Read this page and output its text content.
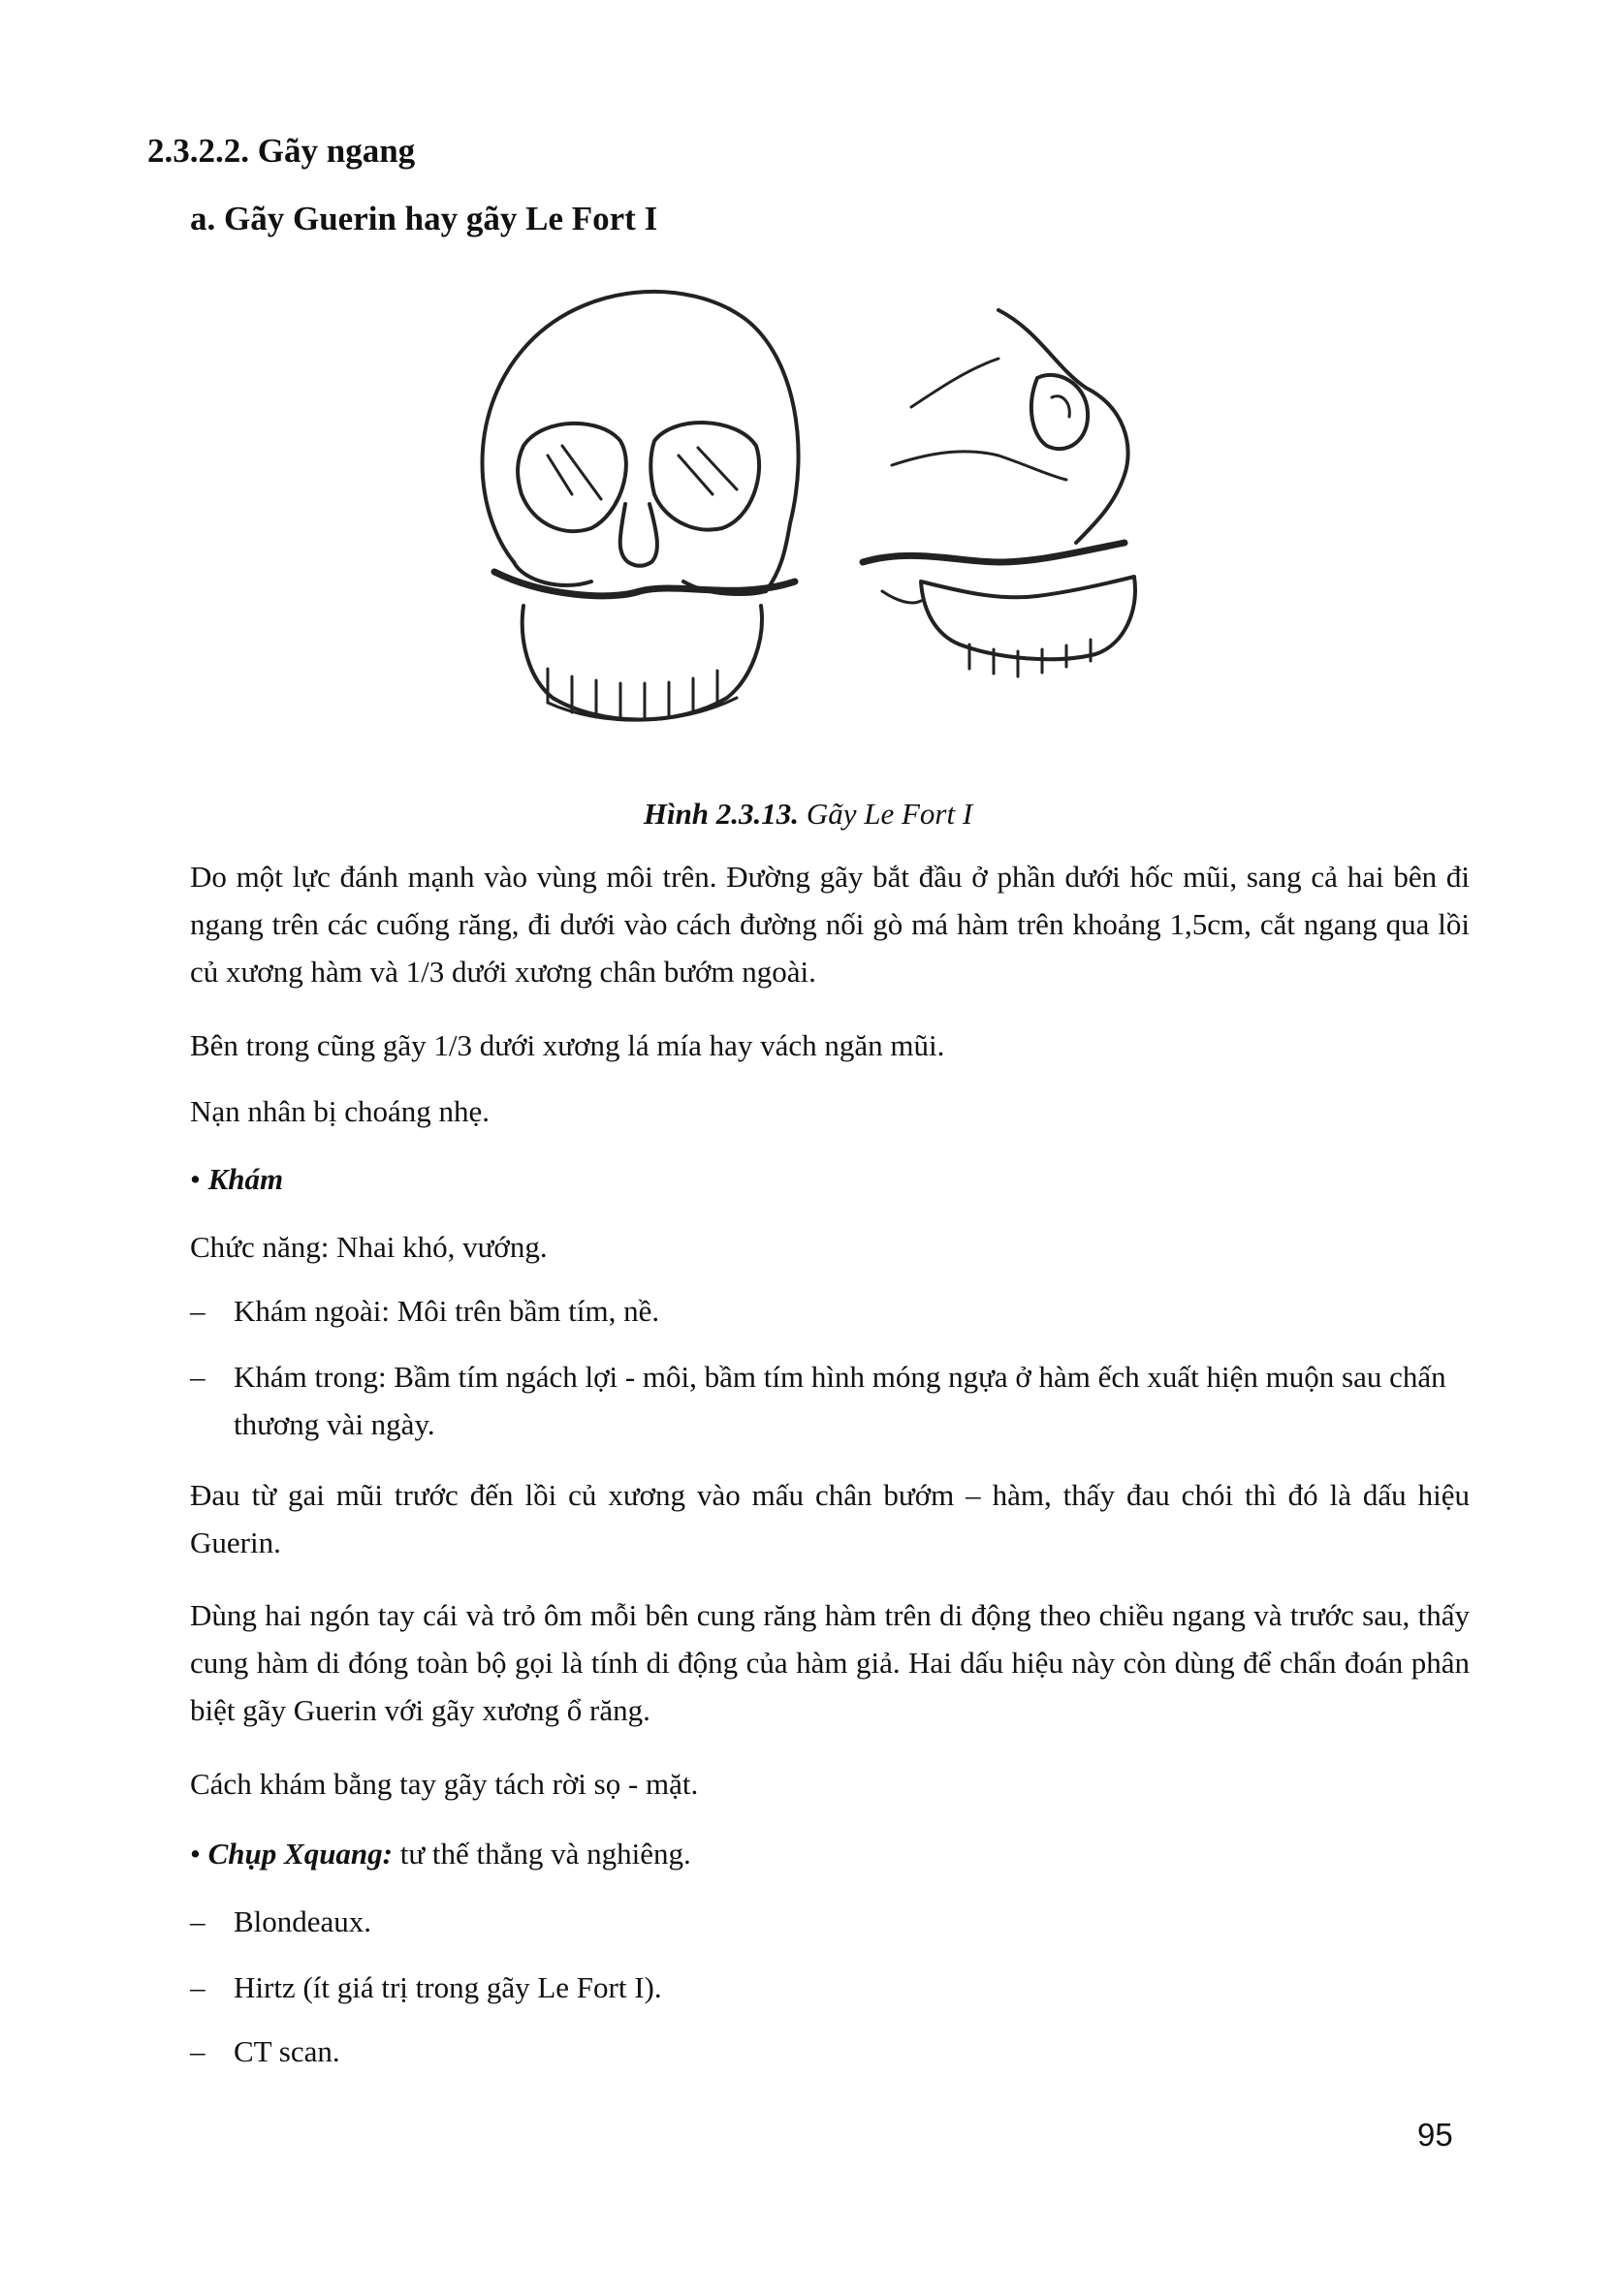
2.3.2.2. Gãy ngang
a. Gãy Guerin hay gãy Le Fort I
Hình 2.3.13. Gãy Le Fort I

Do một lực đánh mạnh vào vùng môi trên. Đường gãy bắt đầu ở phần dưới hốc mũi, sang cả hai bên đi ngang trên các cuống răng, đi dưới vào cách đường nối gò má hàm trên khoảng 1,5cm, cắt ngang qua lồi củ xương hàm và 1/3 dưới xương chân bướm ngoài.

Bên trong cũng gãy 1/3 dưới xương lá mía hay vách ngăn mũi.

Nạn nhân bị choáng nhẹ.

• Khám

Chức năng: Nhai khó, vướng.

– Khám ngoài: Môi trên bầm tím, nề.
– Khám trong: Bầm tím ngách lợi - môi, bầm tím hình móng ngựa ở hàm ếch xuất hiện muộn sau chấn thương vài ngày.

Đau từ gai mũi trước đến lồi củ xương vào mấu chân bướm – hàm, thấy đau chói thì đó là dấu hiệu Guerin.

Dùng hai ngón tay cái và trỏ ôm mỗi bên cung răng hàm trên di động theo chiều ngang và trước sau, thấy cung hàm di đóng toàn bộ gọi là tính di động của hàm giả. Hai dấu hiệu này còn dùng để chẩn đoán phân biệt gãy Guerin với gãy xương ổ răng.

Cách khám bằng tay gãy tách rời sọ - mặt.

• Chụp Xquang: tư thế thẳng và nghiêng.
– Blondeaux.
– Hirtz (ít giá trị trong gãy Le Fort I).
– CT scan.
95
